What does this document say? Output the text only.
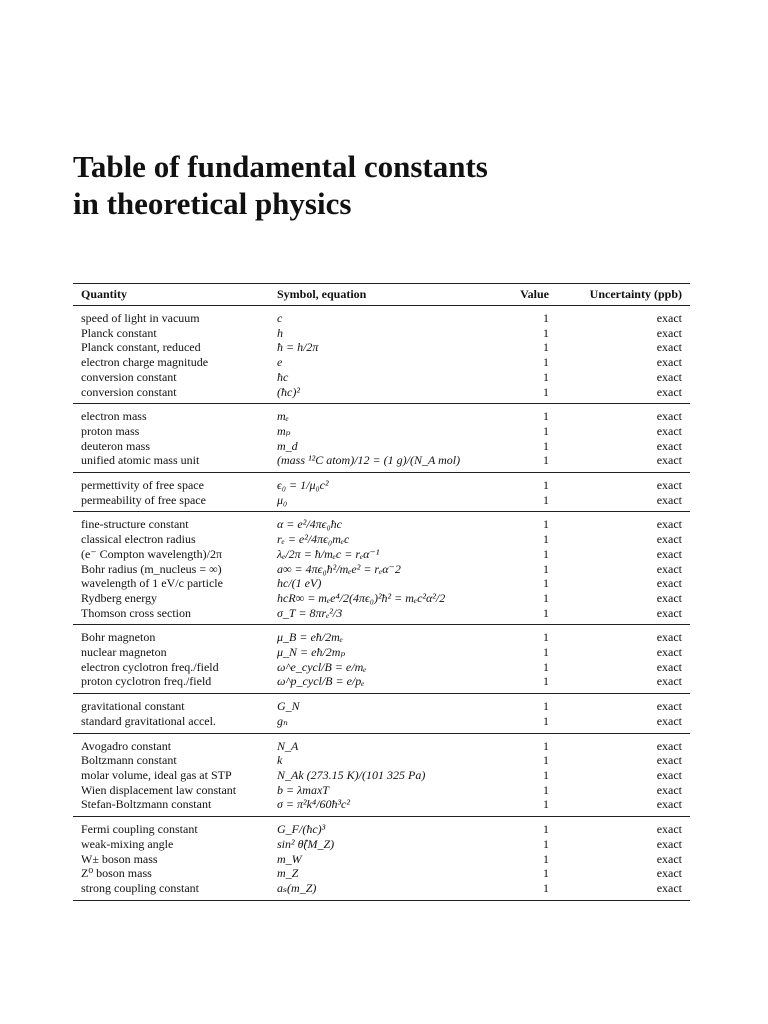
Table of fundamental constants
in theoretical physics
Quantity	Symbol, equation	Value	Uncertainty (ppb)
speed of light in vacuum	c	1	exact
Planck constant	h	1	exact
Planck constant, reduced	ħ = h/2π	1	exact
electron charge magnitude	e	1	exact
conversion constant	ħc	1	exact
conversion constant	(ħc)²	1	exact
electron mass	mₑ	1	exact
proton mass	mₚ	1	exact
deuteron mass	m_d	1	exact
unified atomic mass unit	(mass ¹²C atom)/12 = (1 g)/(N_A mol)	1	exact
permettivity of free space	ϵ₀ = 1/μ₀c²	1	exact
permeability of free space	μ₀	1	exact
fine-structure constant	α = e²/4πϵ₀ħc	1	exact
classical electron radius	rₑ = e²/4πϵ₀mₑc	1	exact
(e⁻ Compton wavelength)/2π	λₑ/2π = ħ/mₑc = rₑα⁻¹	1	exact
Bohr radius (m_nucleus = ∞)	a∞ = 4πϵ₀ħ²/mₑe² = rₑα⁻2	1	exact
wavelength of 1 eV/c particle	hc/(1 eV)	1	exact
Rydberg energy	hcR∞ = mₑe⁴/2(4πϵ₀)²ħ² = mₑc²α²/2	1	exact
Thomson cross section	σ_T = 8πrₑ²/3	1	exact
Bohr magneton	μ_B = eħ/2mₑ	1	exact
nuclear magneton	μ_N = eħ/2mₚ	1	exact
electron cyclotron freq./field	ω^e_cycl/B = e/mₑ	1	exact
proton cyclotron freq./field	ω^p_cycl/B = e/pₑ	1	exact
gravitational constant	G_N	1	exact
standard gravitational accel.	gₙ	1	exact
Avogadro constant	N_A	1	exact
Boltzmann constant	k	1	exact
molar volume, ideal gas at STP	N_Ak (273.15 K)/(101 325 Pa)	1	exact
Wien displacement law constant	b = λmaxT	1	exact
Stefan-Boltzmann constant	σ = π²k⁴/60ħ³c²	1	exact
Fermi coupling constant	G_F/(ħc)³	1	exact
weak-mixing angle	sin² θ̂(M_Z)	1	exact
W± boson mass	m_W	1	exact
Z⁰ boson mass	m_Z	1	exact
strong coupling constant	aₛ(m_Z)	1	exact
